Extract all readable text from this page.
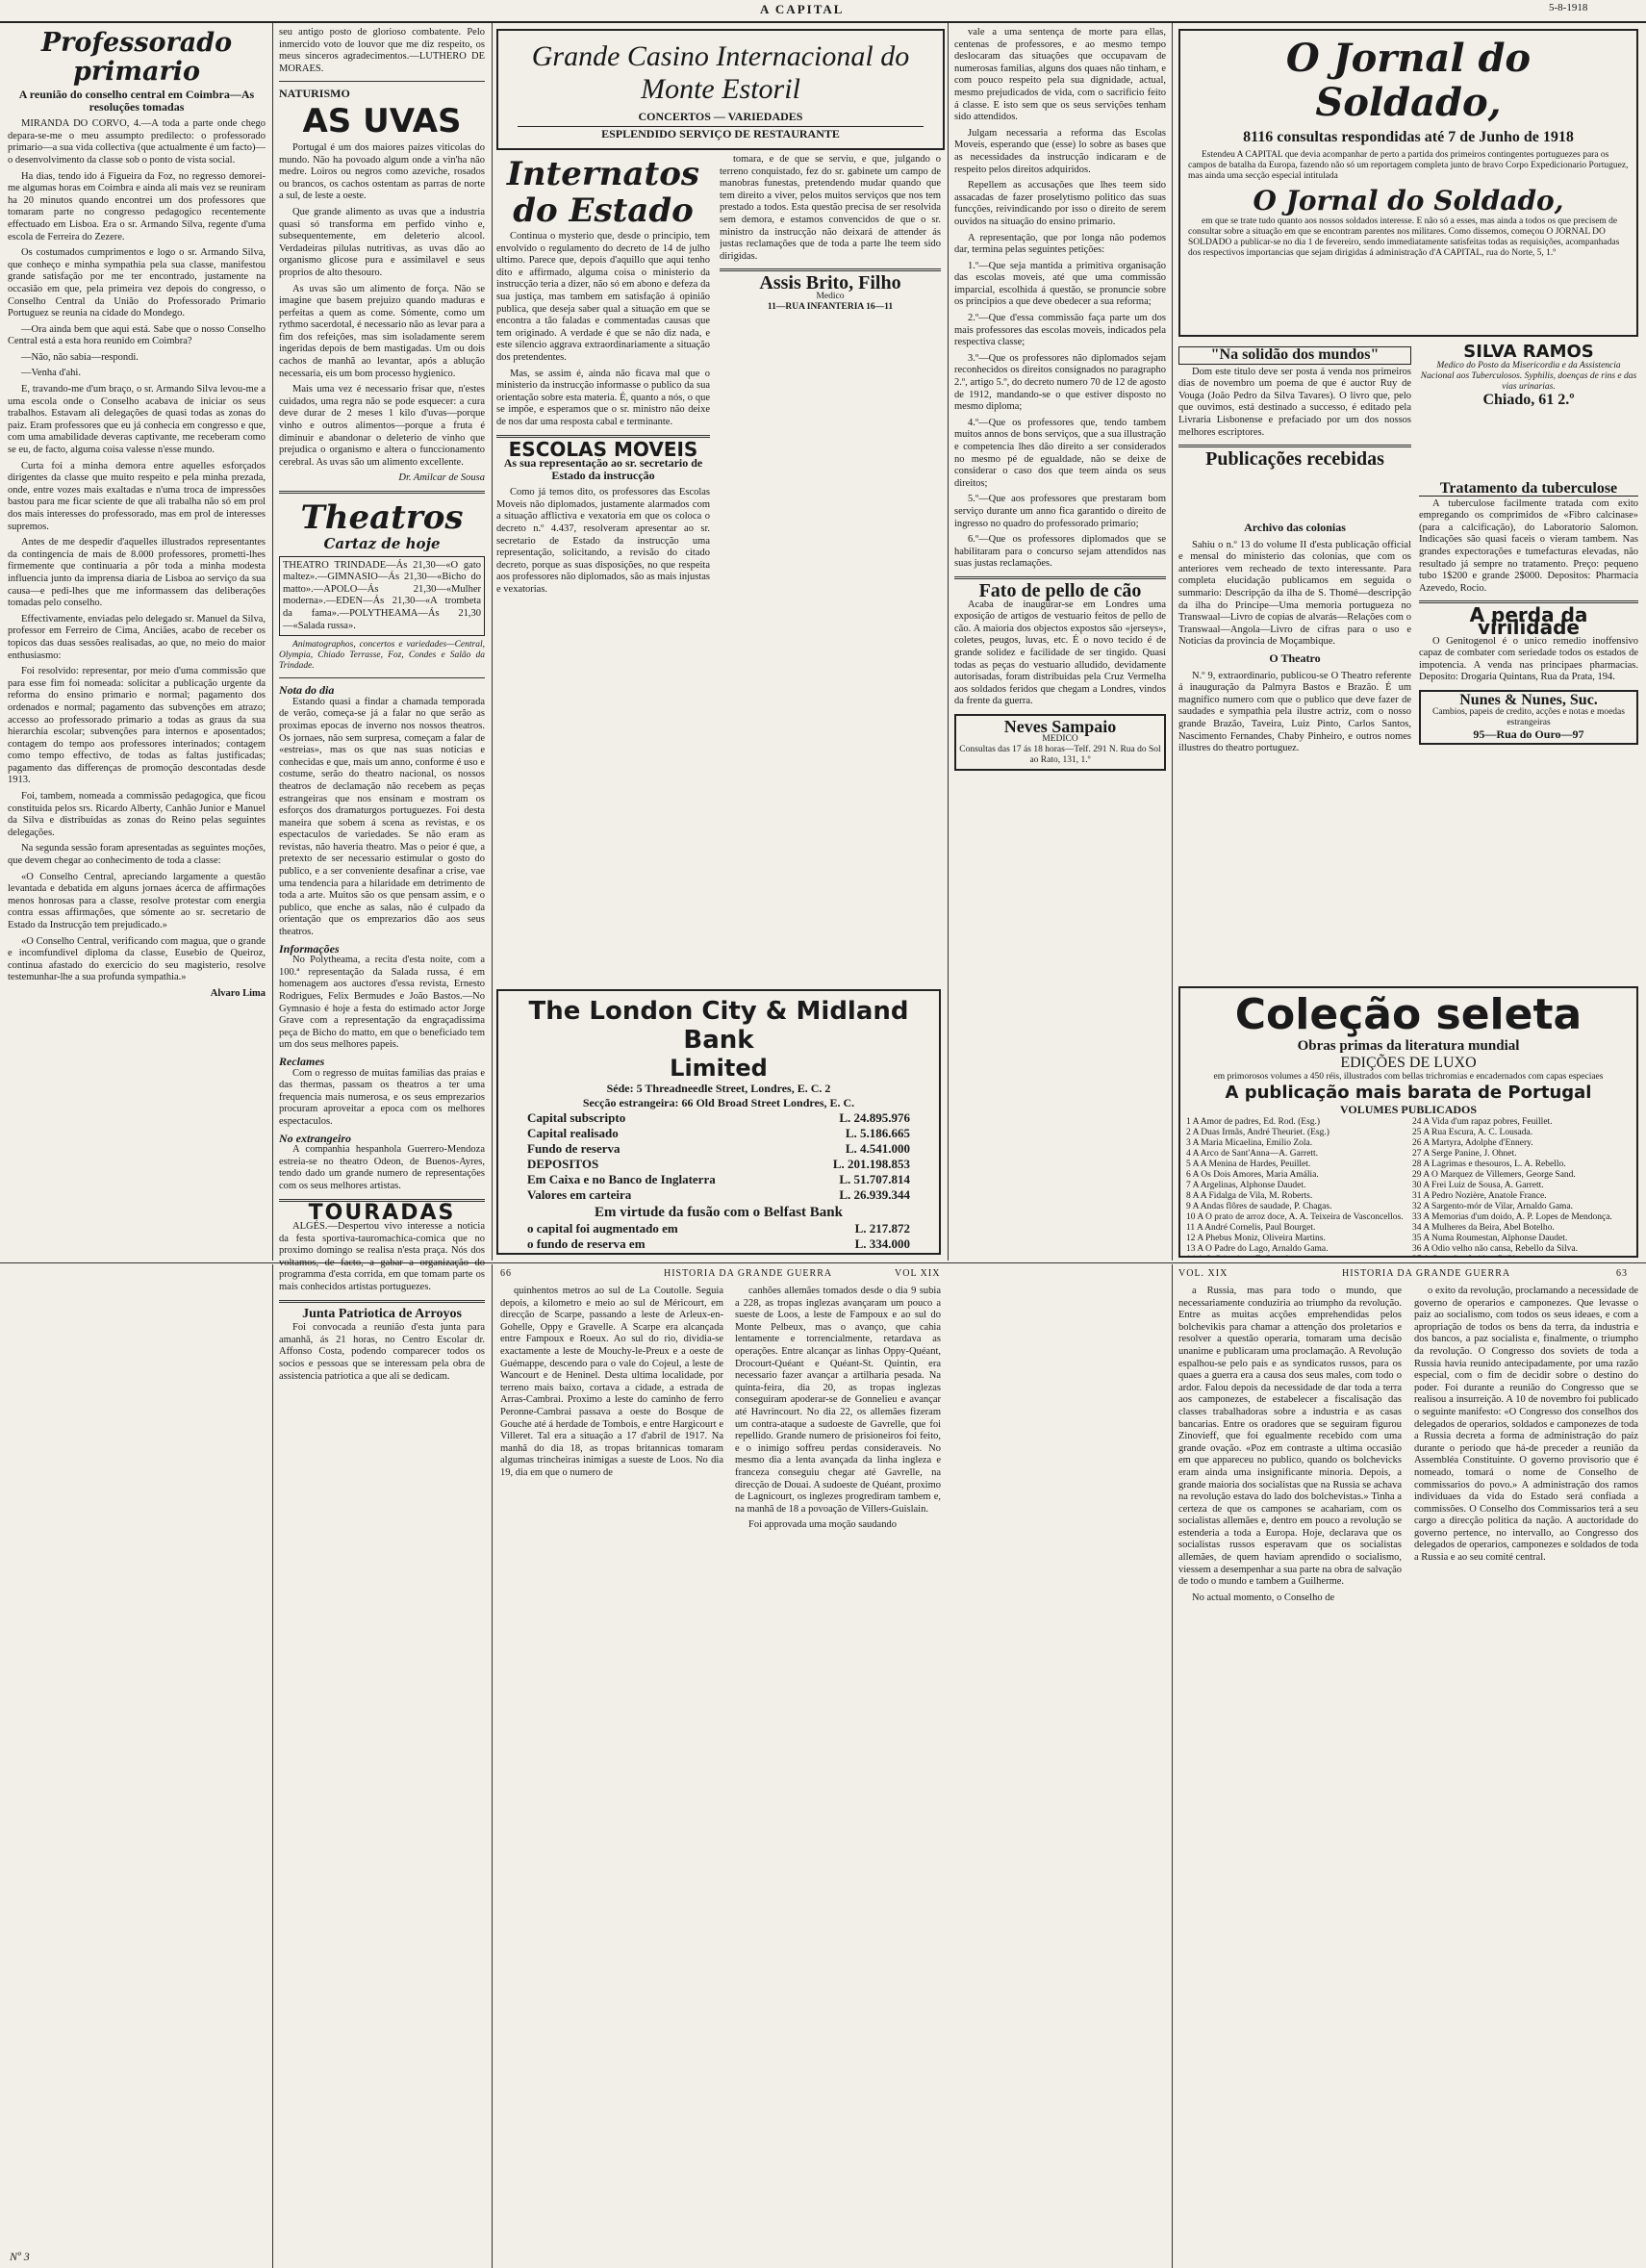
A CAPITAL	5-8-1918
Professorado primario
A reunião do conselho central em Coimbra—As resoluções tomadas

MIRANDA DO CORVO, 4.—A toda a parte onde chego depara-se-me o meu assumpto predilecto: o professorado primario—a sua vida collectiva (que actualmente é um facto)—o desenvolvimento da classe sob o ponto de vista social.

Ha dias, tendo ido á Figueira da Foz, no regresso demorei-me algumas horas em Coimbra e ainda ali mais vez se reuniram ha 20 minutos quando encontrei um dos professores que tomaram parte no congresso pedagogico recentemente effectuado em Lisboa. Era o sr. Armando Silva, regente d'uma escola de Ferreira do Zezere.

Os costumados cumprimentos e logo o sr. Armando Silva, que conheço e minha sympathia pela sua classe, manifestou grande satisfação por me ter encontrado, justamente na occasião em que, pela primeira vez depois do congresso, o Conselho Central da União do Professorado Primario Portuguez se reunia na cidade do Mondego.

—Ora ainda bem que aqui está. Sabe que o nosso Conselho Central está a esta hora reunido em Coimbra?

—Não, não sabia—respondi.

—Venha d'ahi.

E, travando-me d'um braço, o sr. Armando Silva levou-me a uma escola onde o Conselho acabava de iniciar os seus trabalhos. Estavam ali delegações de quasi todas as zonas do paiz. Eram professores que eu já conhecia em congresso e que, com uma amabilidade deveras captivante, me receberam como se eu, de facto, alguma coisa valesse n'esse mundo.

Curta foi a minha demora entre aquelles esforçados dirigentes da classe que muito respeito e pela minha prezada, onde, entre vozes mais exaltadas e n'uma troca de impressões bastou para me ficar sciente de que ali trabalha não só em prol dos mais interesses do professorado, mas em prol de interesses supremos.

Antes de me despedir d'aquelles illustrados representantes da contingencia de mais de 8.000 professores, prometti-lhes firmemente que continuaria a pôr toda a minha modesta influencia junto da imprensa diaria de Lisboa ao serviço da sua causa—e pedi-lhes que me informassem das deliberações tomadas pelo conselho.

Effectivamente, enviadas pelo delegado sr. Manuel da Silva, professor em Ferreiro de Cima, Anciães, acabo de receber os topicos das duas sessões realisadas, ao que, no meio do maior enthusiasmo:

Foi resolvido: representar, por meio d'uma commissão que para esse fim foi nomeada: solicitar a publicação urgente da reforma do ensino primario e normal; pagamento dos ordenados e normal; pagamento das subvenções em atrazo; accesso ao professorado primario a todas as graus da sua hierarchia escolar; subvenções para internos e aposentados; contagem do tempo aos professores interinados; contagem como tempo effectivo, de todas as faltas justificadas; pagamento das differenças de promoção descontadas desde 1913.

Foi, tambem, nomeada a commissão pedagogica, que ficou constituida pelos srs. Ricardo Alberty, Canhão Junior e Manuel da Silva e distribuidas as zonas do Reino pelas seguintes delegações.

Na segunda sessão foram apresentadas as seguintes moções, que devem chegar ao conhecimento de toda a classe:

«O Conselho Central, apreciando largamente a questão levantada e debatida em alguns jornaes ácerca de affirmações menos honrosas para a classe, resolve protestar com energia contra essas affirmações, que sómente ao sr. secretario de Estado da Instrucção tem prejudicado.»

«O Conselho Central, verificando com magua, que o grande e incomfundivel diploma da classe, Eusebio de Queiroz, continua afastado do exercicio do seu magisterio, resolve testemunhar-lhe a sua profunda sympathia.»

Alvaro Lima

seu antigo posto de glorioso combatente. Pelo inmercido voto de louvor que me diz respeito, os meus sinceros agradecimentos.—LUTHERO DE MORAES.

NATURISMO
AS UVAS

Portugal é um dos maiores paizes viticolas do mundo. Não ha povoado algum onde a vin'ha não medre. Loiros ou negros como azeviche, rosados ou brancos, os cachos ostentam as parras de norte a sul, de leste a oeste.

Que grande alimento as uvas que a industria quasi só transforma em perfido vinho e, subsequentemente, em deleterio alcool. Verdadeiras pilulas nutritivas, as uvas dão ao organismo glicose pura e assimilavel e seus proprios de alto thesouro.

As uvas são um alimento de força. Não se imagine que basem prejuizo quando maduras e perfeitas a quem as come. Sómente, como um rythmo sacerdotal, é necessario não as levar para a fim dos refeições, mas sim isoladamente serem ingeridas depois de bem mastigadas. Um ou dois cachos de manhã ao levantar, após a ablução necessaria, eis um bom processo hygienico.

Mais uma vez é necessario frisar que, n'estes cuidados, uma regra não se pode esquecer: a cura deve durar de 2 meses 1 kilo d'uvas—porque vinho e outros alimentos—porque a fruta é diminuir e abandonar o deleterio de vinho que prejudica o organismo e altera o funccionamento cerebral. As uvas são um alimento excellente.

Dr. Amilcar de Sousa

Theatros
Cartaz de hoje
THEATRO TRINDADE—Ás 21,30—«O gato maltez».—GIMNASIO—Ás 21,30—«Bicho do matto».—APOLO—Ás 21,30—«Mulher moderna».—EDEN—Ás 21,30—«A trombeta da fama».—POLYTHEAMA—Ás 21,30—«Salada russa».

Animatographos, concertos e variedades—Central, Olympia, Chiado Terrasse, Foz, Condes e Salão da Trindade.

Nota do dia

Estando quasi a findar a chamada temporada de verão, começa-se já a falar no que serão as proximas epocas de inverno nos nossos theatros. Os jornaes, não sem surpresa, começam a falar de «estreias», mas os que nas suas noticias e conhecidas e que, mais um anno, conforme é uso e costume, serão do theatro nacional, os nossos theatros de declamação não recebem as peças estrangeiras que nos ensinam e mostram os esforços dos dramaturgos portuguezes. Foi desta maneira que sobem á scena as revistas, e os espectaculos de variedades. Se não eram as revistas, não haveria theatro. Mas o peior é que, a pretexto de ser necessario estimular o gosto do publico, e a ser conveniente desafinar a crise, vae uma tendencia para a hilaridade em detrimento de toda a arte. Muitos são os que pensam assim, e o publico, que enche as salas, não é culpado da orientação que os emprezarios dão aos seus theatros.

Informações

No Polytheama, a recita d'esta noite, com a 100.ª representação da Salada russa, é em homenagem aos auctores d'essa revista, Ernesto Rodrigues, Felix Bermudes e João Bastos.—No Gymnasio é hoje a festa do estimado actor Jorge Grave com a representação da engraçadissima peça de Bicho do matto, em que o beneficiado tem um dos seus melhores papeis.

Reclames

Com o regresso de muitas familias das praias e das thermas, passam os theatros a ter uma frequencia mais numerosa, e os seus emprezarios procuram aproveitar a epoca com os melhores espectaculos.

No extrangeiro

A companhia hespanhola Guerrero-Mendoza estreia-se no theatro Odeon, de Buenos-Ayres, tendo dado um grande numero de representações com os seus melhores artistas.

TOURADAS

ALGÉS.—Despertou vivo interesse a noticia da festa sportiva-tauromachica-comica que no proximo domingo se realisa n'esta praça. Nós dos voltamos, de facto, a gabar a organização do programma d'esta corrida, em que tomam parte os mais conhecidos artistas portuguezes.

Junta Patriotica de Arroyos

Foi convocada a reunião d'esta junta para amanhã, ás 21 horas, no Centro Escolar dr. Affonso Costa, podendo comparecer todos os socios e pessoas que se interessam pela obra de assistencia patriotica a que ali se dedicam.

Grande Casino Internacional do Monte Estoril
CONCERTOS — VARIEDADES
ESPLENDIDO SERVIÇO DE RESTAURANTE
Internatos do Estado

Continua o mysterio que, desde o principio, tem envolvido o regulamento do decreto de 14 de julho ultimo. Parece que, depois d'aquillo que aqui tenho dito e affirmado, alguma coisa o ministerio da instrucção teria a dizer, não só em abono e defeza da sua justiça, mas tambem em satisfação á opinião publica, que deseja saber qual a situação em que se encontra a tão faladas e commentadas causas que tem originado. A verdade é que se não diz nada, e este silencio aggrava extraordinariamente a situação dos pretendentes.

Mas, se assim é, ainda não ficava mal que o ministerio da instrucção informasse o publico da sua orientação sobre esta materia. É, quanto a nós, o que se impõe, e esperamos que o sr. ministro não deixe de nos dar uma resposta cabal e terminante.

ESCOLAS MOVEIS
As sua representação ao sr. secretario de Estado da instrucção

Como já temos dito, os professores das Escolas Moveis não diplomados, justamente alarmados com a situação afflictiva e vexatoria em que os coloca o decreto n.º 4.437, resolveram apresentar ao sr. secretario de Estado da instrucção uma representação, solicitando, a revisão do citado decreto, porque as suas disposições, no que respeita aos professores não diplomados, são as mais injustas e vexatorias.

tomara, e de que se serviu, e que, julgando o terreno conquistado, fez do sr. gabinete um campo de manobras funestas, pretendendo mudar quando que tem direito a viver, pelos muitos serviços que nos tem prestado a todos. Esta questão precisa de ser resolvida sem demora, e estamos convencidos de que o sr. ministro da instrucção não deixará de attender ás justas reclamações que de toda a parte lhe teem sido dirigidas.

Assis Brito, Filho
Medico
11—RUA INFANTERIA 16—11
The London City & Midland Bank
Limited
Séde: 5 Threadneedle Street, Londres, E. C. 2
Secção estrangeira: 66 Old Broad Street Londres, E. C.
Capital subscripto	L. 24.895.976
Capital realisado	L. 5.186.665
Fundo de reserva	L. 4.541.000
DEPOSITOS	L. 201.198.853
Em Caixa e no Banco de Inglaterra	L. 51.707.814
Valores em carteira	L. 26.939.344
Em virtude da fusão com o Belfast Bank
o capital foi augmentado em	L. 217.872
o fundo de reserva em	L. 334.000

vale a uma sentença de morte para ellas, centenas de professores, e ao mesmo tempo deslocaram das situações que occupavam de numerosas familias, alguns dos quaes não tinham, e com pouco respeito pela sua dignidade, actual, mesmo prejudicados de vida, com o sacrificio feito á classe. E isto sem que os seus servições tenham sido attendidos.

Julgam necessaria a reforma das Escolas Moveis, esperando que (esse) lo sobre as bases que as necessidades da instrucção indicaram e de respeito pelos direitos adquiridos.

Repellem as accusações que lhes teem sido assacadas de fazer proselytismo politico das suas funcções, reivindicando por isso o direito de serem ouvidos na situação do ensino primario.

A representação, que por longa não podemos dar, termina pelas seguintes petições:

1.º—Que seja mantida a primitiva organisação das escolas moveis, até que uma commissão imparcial, escolhida á questão, se pronuncie sobre os principios a que deve obedecer a sua reforma;

2.º—Que d'essa commissão faça parte um dos mais professores das escolas moveis, indicados pela respectiva classe;

3.º—Que os professores não diplomados sejam reconhecidos os direitos consignados no paragrapho 2.º, artigo 5.º, do decreto numero 70 de 12 de agosto de 1912, mandando-se o que estiver disposto no mesmo diploma;

4.º—Que os professores que, tendo tambem muitos annos de bons serviços, que a sua illustração e competencia lhes dão direito a ser considerados no mesmo pé de egualdade, não se deixe de considerar o caso dos que teem ainda os seus direitos;

5.º—Que aos professores que prestaram bom serviço durante um anno fica garantido o direito de ingresso no quadro do professorado primario;

6.º—Que os professores diplomados que se habilitaram para o concurso sejam attendidos nas suas justas reclamações.

Fato de pello de cão

Acaba de inaugurar-se em Londres uma exposição de artigos de vestuario feitos de pello de cão. A maioria dos objectos expostos são «jerseys», coletes, peugos, luvas, etc. É o novo tecido é de grande solidez e facilidade de ser tingido. Quasi todas as peças do vestuario alludido, devidamente autorisadas, foram distribuidas pela Cruz Vermelha aos soldados feridos que chegam a Londres, vindos da frente da guerra.

Neves Sampaio
MEDICO
Consultas das 17 ás 18 horas—Telf. 291 N. Rua do Sol ao Rato, 131, 1.º
O Jornal do Soldado,
8116 consultas respondidas até 7 de Junho de 1918

Estendeu A CAPITAL que devia acompanhar de perto a partida dos primeiros contingentes portuguezes para os campos de batalha da Europa, fazendo não só um reportagem completa junto de bravo Corpo Expedicionario Portuguez, mas ainda uma secção especial intitulada

O Jornal do Soldado,

em que se trate tudo quanto aos nossos soldados interesse. E não só a esses, mas ainda a todos os que precisem de consultar sobre a situação em que se encontram parentes nos militares. Como dissemos, começou O JORNAL DO SOLDADO a publicar-se no dia 1 de fevereiro, sendo immediatamente satisfeitas todas as requisições, acompanhadas dos respectivos importancias que sejam dirigidas á administração d'A CAPITAL, rua do Norte, 5, 1.º

"Na solidão dos mundos"

Dom este titulo deve ser posta á venda nos primeiros dias de novembro um poema de que é auctor Ruy de Vouga (João Pedro da Silva Tavares). O livro que, pelo que ouvimos, está destinado a successo, é editado pela Livraria Lisbonense e prefaciado por um dos nossos melhores escriptores.

Publicações recebidas
SILVA RAMOS

Medico do Posto da Misericordia e da Assistencia Nacional aos Tuberculosos. Syphilis, doenças de rins e das vias urinarias.

Chiado, 61 2.º
Archivo das colonias

Sahiu o n.º 13 do volume II d'esta publicação official e mensal do ministerio das colonias, que com os anteriores vem recheado de texto interessante. Para completa elucidação publicamos em seguida o summario: Descripção da ilha de S. Thomé—descripção da ilha do Principe—Uma memoria portugueza no Transwaal—Livro de copias de alvarás—Relações com o Transwaal—Angola—Livro de cifras para o uso e Noticias da provincia de Moçambique.

O Theatro

N.º 9, extraordinario, publicou-se O Theatro referente á inauguração da Palmyra Bastos e Brazão. É um magnifico numero com que o publico que deve fazer de saudades e sympathia pela ilustre actriz, com o nosso grande Brazão, Taveira, Luiz Pinto, Carlos Santos, Nascimento Fernandes, Chaby Pinheiro, e outros nomes illustres do theatro portuguez.

Tratamento da tuberculose

A tuberculose facilmente tratada com exito empregando os comprimidos de «Fibro calcinase» (para a calcificação), do Laboratorio Salomon. Indicações são quasi faceis o vieram tambem. Nas grandes expectorações e tumefacturas elevadas, não resultado já sempre no tratamento. Preço: pequeno tubo 1$200 e grande 2$000. Depositos: Pharmacia Azevedo, Rocio.

A perda da virilidade

O Genitogenol é o unico remedio inoffensivo capaz de combater com seriedade todos os estados de impotencia. A venda nas principaes pharmacias. Deposito: Drogaria Quintans, Rua da Prata, 194.

Nunes & Nunes, Suc.
Cambios, papeis de credito, acções e notas e moedas estrangeiras
95—Rua do Ouro—97
Coleção seleta
Obras primas da literatura mundial
EDIÇÕES DE LUXO
em primorosos volumes a 450 réis, illustrados com bellas trichromias e encadernados com capas especiaes
A publicação mais barata de Portugal
VOLUMES PUBLICADOS
1 A Amor de padres, Ed. Rod. (Esg.)
2 A Duas Irmãs, André Theuriet. (Esg.)
3 A Maria Micaelina, Emilio Zola.
4 A Arco de Sant'Anna—A. Garrett.
5 A A Menina de Hardes, Peuillet.
6 A Os Dois Amores, Maria Amália.
7 A Argelinas, Alphonse Daudet.
8 A A Fidalga de Vila, M. Roberts.
9 A Andas flôres de saudade, P. Chagas.
10 A O prato de arroz doce, A. A. Teixeira de Vasconcellos.
11 A André Cornelis, Paul Bourget.
12 A Phebus Moniz, Oliveira Martins.
13 A O Padre do Lago, Arnaldo Gama.
24 A Vida d'um rapaz pobres, Feuillet.
25 A Rua Escura, A. C. Lousada.
26 A Martyra, Adolphe d'Ennery.
27 A Serge Panine, J. Ohnet.
28 A Lagrimas e thesouros, L. A. Rebello.
29 A O Marquez de Villemers, George Sand.
30 A Frei Luiz de Sousa, A. Garrett.
31 A Pedro Nozière, Anatole France.
32 A Sargento-mór de Vilar, Arnaldo Gama.
33 A Memorias d'um doido, A. P. Lopes de Mendonça.
34 A Mulheres da Beira, Abel Botelho.
35 A Numa Roumestan, Alphonse Daudet.
36 A Odio velho não cansa, Rebello da Silva.
66	HISTORIA DA GRANDE GUERRA	VOL XIX

quinhentos metros ao sul de La Coutolle. Seguia depois, a kilometro e meio ao sul de Méricourt, em direcção de Scarpe, passando a leste de Arleux-en-Gohelle, Oppy e Gravelle. A Scarpe era alcançada entre Fampoux e Roeux. Ao sul do rio, dividia-se exactamente a leste de Mouchy-le-Preux e a oeste de Guémappe, descendo para o vale do Cojeul, a leste de Wancourt e de Heninel. Desta ultima localidade, por terreno mais baixo, cortava a cidade, a estrada de Arras-Cambrai. Proximo a leste do caminho de ferro Peronne-Cambrai passava a oeste do Bosque de Gouche até á herdade de Tombois, e entre Hargicourt e Villeret. Tal era a situação a 17 d'abril de 1917. Na manhã do dia 18, as tropas britannicas tomaram algumas trincheiras inimigas a sueste de Loos. No dia 19, dia em que o numero de

canhões allemães tomados desde o dia 9 subia a 228, as tropas inglezas avançaram um pouco a sueste de Loos, a leste de Fampoux e ao sul do Monte Pelbeux, mas o avanço, que cahia lentamente e torrencialmente, retardava as operações. Entre alcançar as linhas Oppy-Quéant, Drocourt-Quéant e Quéant-St. Quintin, era necessario fazer avançar a artilharia pesada. Na quinta-feira, dia 20, as tropas inglezas conseguiram apoderar-se de Gonnelieu e avançar até Havrincourt. No dia 22, os allemães fizeram um contra-ataque a sudoeste de Gavrelle, que foi repellido. Grande numero de prisioneiros foi feito, e o inimigo soffreu perdas consideraveis. No mesmo dia a lenta avançada da linha ingleza e franceza conseguiu chegar até Gavrelle, na direcção de Douai. A sudoeste de Quéant, proximo de Lagnicourt, os inglezes progrediram tambem e, na manhã de 18 a povoação de Villers-Guislain.

Foi approvada uma moção saudando

VOL. XIX	HISTORIA DA GRANDE GUERRA	63

a Russia, mas para todo o mundo, que necessariamente conduziria ao triumpho da revolução. Entre as muitas acções emprehendidas pelos bolchevikis para chamar a attenção dos proletarios e resolver a questão operaria, tomaram uma decisão unanime e publicaram uma proclamação. A Revolução espalhou-se pelo pais e as syndicatos russos, para os quaes a guerra era a causa dos seus males, com todo o ardor. Falou depois da necessidade de dar toda a terra aos camponezes, de estabelecer a fiscalisação das classes trabalhadoras sobre a industria e as casas bancarias. Entre os oradores que se seguiram figurou Zinovieff, que foi egualmente recebido com uma grande ovação. «Poz em contraste a ultima occasião em que appareceu no publico, quando os bolchevicks eram ainda uma insignificante minoria. Depois, a grande maioria dos socialistas que na Russia se achava na revolução estava do lado dos bolchevistas.» Tinha a certeza de que os campones se acahariam, com os socialistas allemães e, dentro em pouco a revolução se estenderia a toda a Europa. Hoje, declarava que os socialistas russos esperavam que os socialistas allemães, de quem haviam aprendido o socialismo, viessem a desempenhar a sua parte na obra de salvação de todo o mundo e tambem a Guilherme.

No actual momento, o Conselho de

o exito da revolução, proclamando a necessidade de governo de operarios e camponezes. Que levasse o paiz ao socialismo, com todos os seus ideaes, e com a apropriação de todos os bens da terra, da industria e dos bancos, a paz socialista e, finalmente, o triumpho da revolução. O Congresso dos soviets de toda a Russia havia reunido antecipadamente, por uma razão especial, com o fim de decidir sobre o destino do poder. Foi durante a reunião do Congresso que se realisou a insurreição. A 10 de novembro foi publicado o seguinte manifesto: «O Congresso dos conselhos dos delegados de operarios, soldados e camponezes de toda a Russia decreta a forma de administração do paiz durante o periodo que há-de preceder a reunião da Assembléa Constituinte. O governo provisorio que é nomeado, tomará o nome de Conselho de commissarios do povo.» A administração dos ramos individuaes da vida do Estado será confiada a commissões. O Conselho dos Commissarios terá a seu cargo a direcção politica da nação. A auctoridade do governo pertence, no intervallo, ao Congresso dos delegados de operarios, camponezes e soldados de toda a Russia e ao seu comité central.

Nº 3
